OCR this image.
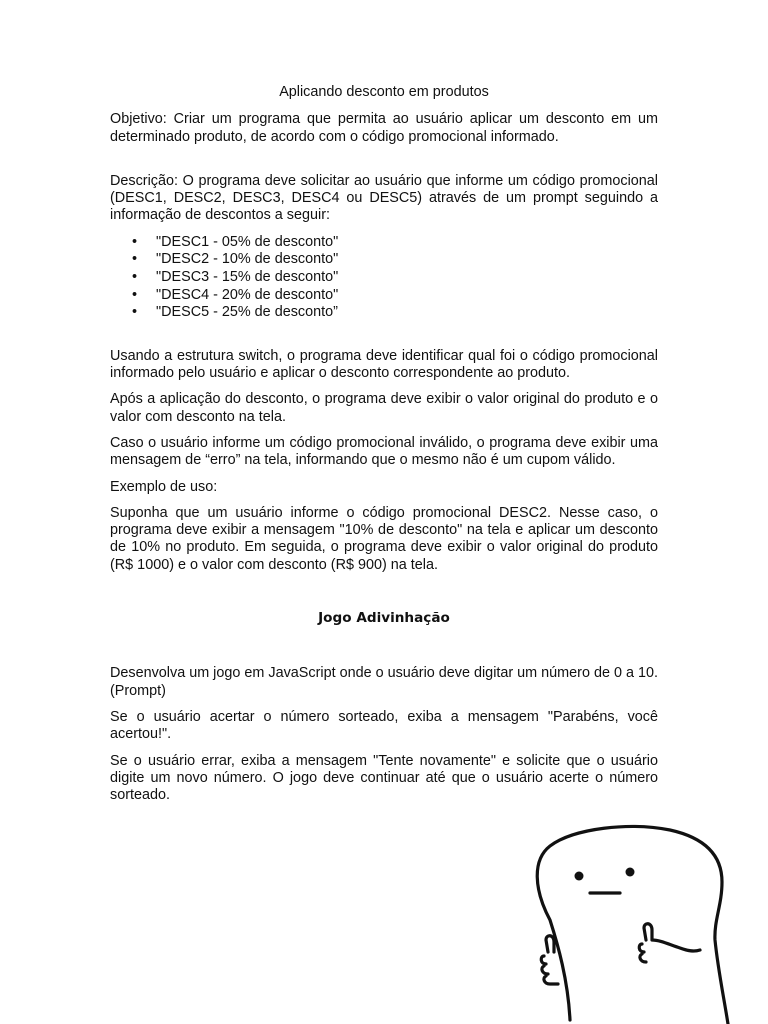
Aplicando desconto em produtos

Objetivo: Criar um programa que permita ao usuário aplicar um desconto em um determinado produto, de acordo com o código promocional informado.

Descrição: O programa deve solicitar ao usuário que informe um código promocional (DESC1, DESC2, DESC3, DESC4 ou DESC5) através de um prompt seguindo a informação de descontos a seguir:

• "DESC1 - 05% de desconto"
• "DESC2 - 10% de desconto"
• "DESC3 - 15% de desconto"
• "DESC4 - 20% de desconto"
• "DESC5 - 25% de desconto”

Usando a estrutura switch, o programa deve identificar qual foi o código promocional informado pelo usuário e aplicar o desconto correspondente ao produto.

Após a aplicação do desconto, o programa deve exibir o valor original do produto e o valor com desconto na tela.

Caso o usuário informe um código promocional inválido, o programa deve exibir uma mensagem de “erro” na tela, informando que o mesmo não é um cupom válido.

Exemplo de uso:

Suponha que um usuário informe o código promocional DESC2. Nesse caso, o programa deve exibir a mensagem "10% de desconto" na tela e aplicar um desconto de 10% no produto. Em seguida, o programa deve exibir o valor original do produto (R$ 1000) e o valor com desconto (R$ 900) na tela.

Jogo Adivinhação

Desenvolva um jogo em JavaScript onde o usuário deve digitar um número de 0 a 10. (Prompt)

Se o usuário acertar o número sorteado, exiba a mensagem "Parabéns, você acertou!".

Se o usuário errar, exiba a mensagem "Tente novamente" e solicite que o usuário digite um novo número. O jogo deve continuar até que o usuário acerte o número sorteado.
